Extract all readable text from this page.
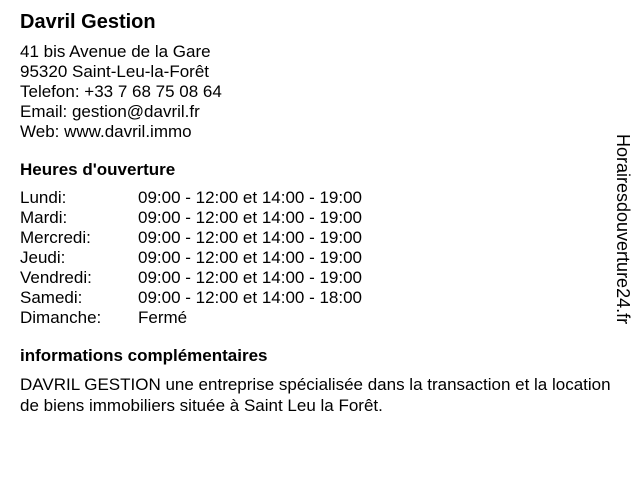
Davril Gestion
41 bis Avenue de la Gare
95320 Saint-Leu-la-Forêt
Telefon: +33 7 68 75 08 64
Email: gestion@davril.fr
Web: www.davril.immo
Heures d'ouverture
Lundi:	09:00 - 12:00 et 14:00 - 19:00
Mardi:	09:00 - 12:00 et 14:00 - 19:00
Mercredi:	09:00 - 12:00 et 14:00 - 19:00
Jeudi:	09:00 - 12:00 et 14:00 - 19:00
Vendredi:	09:00 - 12:00 et 14:00 - 19:00
Samedi:	09:00 - 12:00 et 14:00 - 18:00
Dimanche:	Fermé
informations complémentaires
DAVRIL GESTION une entreprise spécialisée dans la transaction et la location de biens immobiliers située à Saint Leu la Forêt.
Horairesdouverture24.fr
